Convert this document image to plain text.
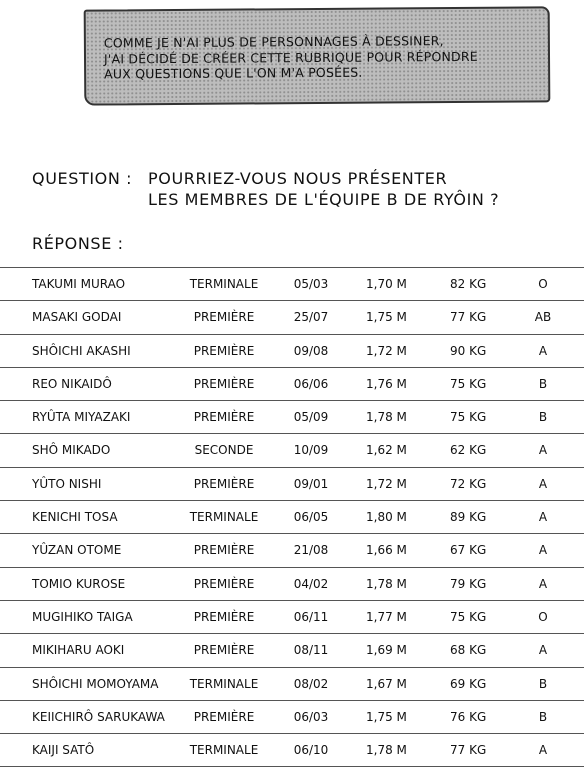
COMME JE N'AI PLUS DE PERSONNAGES À DESSINER,
J'AI DÉCIDÉ DE CRÉER CETTE RUBRIQUE POUR RÉPONDRE
AUX QUESTIONS QUE L'ON M'A POSÉES.
QUESTION : POURRIEZ-VOUS NOUS PRÉSENTER
LES MEMBRES DE L'ÉQUIPE B DE RYÔIN ?
RÉPONSE :
TAKUMI MURAO	TERMINALE	05/03	1,70 M	82 KG	O
MASAKI GODAI	PREMIÈRE	25/07	1,75 M	77 KG	AB
SHÔICHI AKASHI	PREMIÈRE	09/08	1,72 M	90 KG	A
REO NIKAIDÔ	PREMIÈRE	06/06	1,76 M	75 KG	B
RYÛTA MIYAZAKI	PREMIÈRE	05/09	1,78 M	75 KG	B
SHÔ MIKADO	SECONDE	10/09	1,62 M	62 KG	A
YÛTO NISHI	PREMIÈRE	09/01	1,72 M	72 KG	A
KENICHI TOSA	TERMINALE	06/05	1,80 M	89 KG	A
YÛZAN OTOME	PREMIÈRE	21/08	1,66 M	67 KG	A
TOMIO KUROSE	PREMIÈRE	04/02	1,78 M	79 KG	A
MUGIHIKO TAIGA	PREMIÈRE	06/11	1,77 M	75 KG	O
MIKIHARU AOKI	PREMIÈRE	08/11	1,69 M	68 KG	A
SHÔICHI MOMOYAMA	TERMINALE	08/02	1,67 M	69 KG	B
KEIICHIRÔ SARUKAWA	PREMIÈRE	06/03	1,75 M	76 KG	B
KAIJI SATÔ	TERMINALE	06/10	1,78 M	77 KG	A
